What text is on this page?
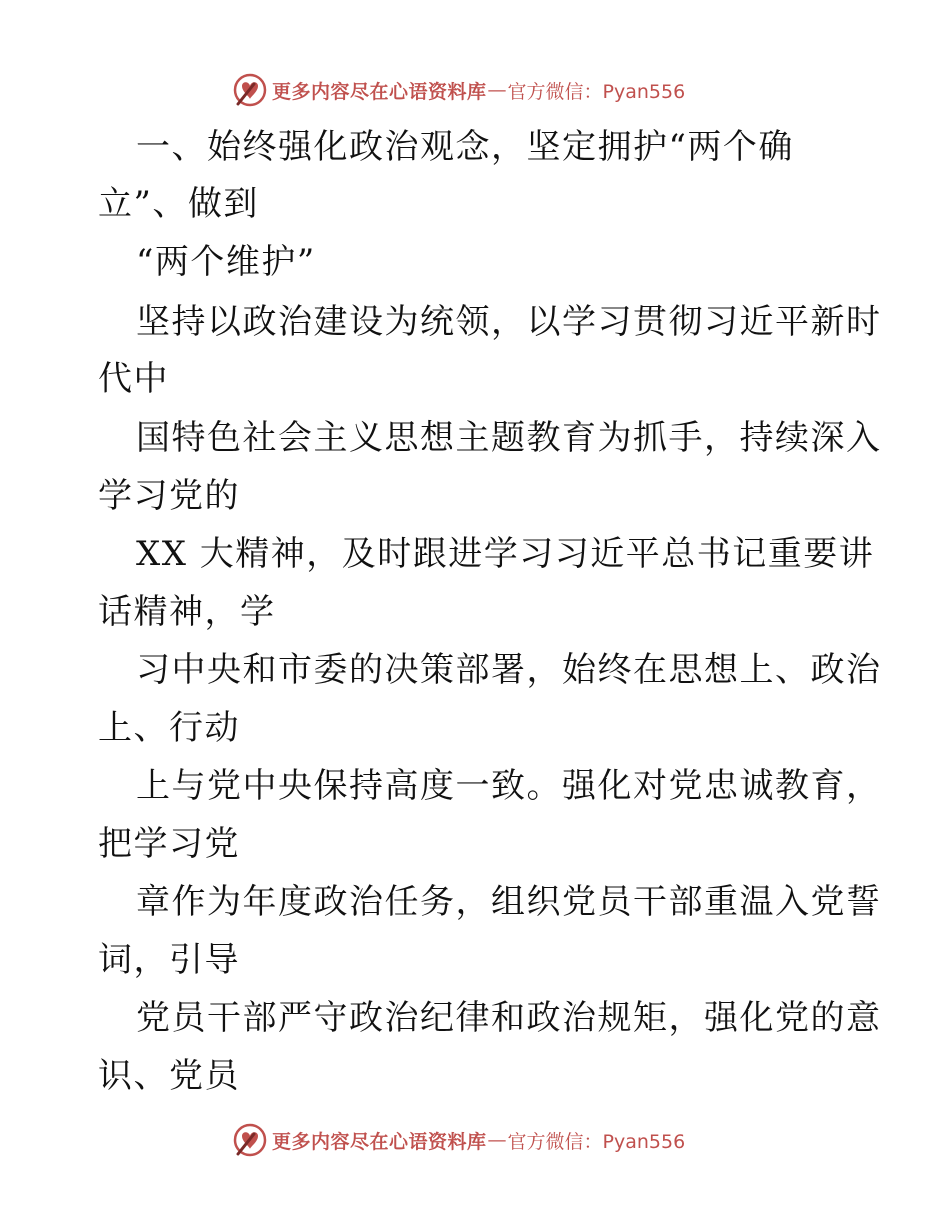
更多内容尽在心语资料库 — 官方微信：Pyan556
一、始终强化政治观念，坚定拥护“两个确
立”、做到
“两个维护”
坚持以政治建设为统领，以学习贯彻习近平新时
代中
国特色社会主义思想主题教育为抓手，持续深入
学习党的
XX 大精神，及时跟进学习习近平总书记重要讲
话精神，学
习中央和市委的决策部署，始终在思想上、政治
上、行动
上与党中央保持高度一致。强化对党忠诚教育，
把学习党
章作为年度政治任务，组织党员干部重温入党誓
词，引导
党员干部严守政治纪律和政治规矩，强化党的意
识、党员
更多内容尽在心语资料库 — 官方微信：Pyan556
